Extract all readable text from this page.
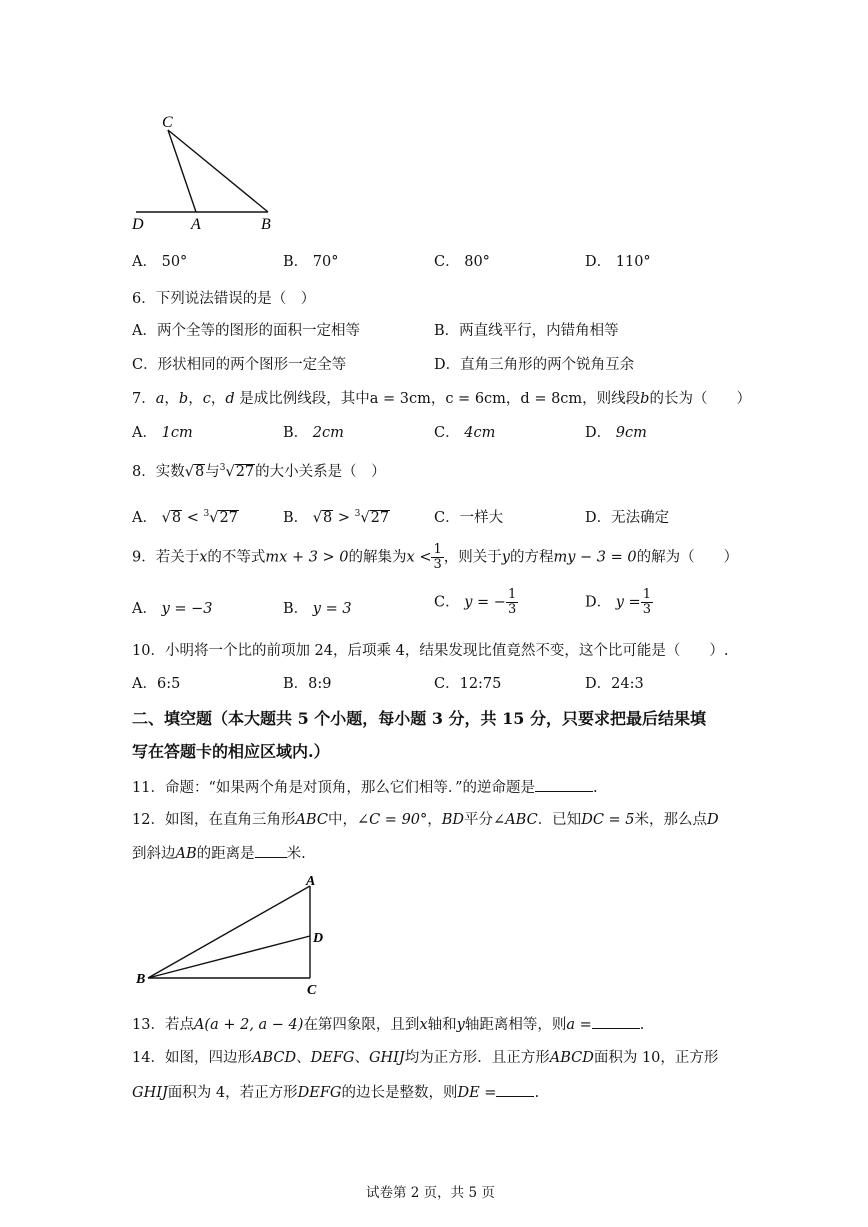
C
D	A	B
A． 50°	B． 70°	C． 80°	D． 110°
6．下列说法错误的是（　）
A．两个全等的图形的面积一定相等	B．两直线平行，内错角相等
C．形状相同的两个图形一定全等	D．直角三角形的两个锐角互余
7．a，b，c，d 是成比例线段，其中a = 3cm，c = 6cm，d = 8cm，则线段b的长为（　　）
A． 1cm	B． 2cm	C． 4cm	D． 9cm
8．实数√8与$^3$√27的大小关系是（　）
A． √8 < $^3$√27	B． √8 > $^3$√27	C．一样大	D．无法确定
9．若关于x的不等式mx + 3 > 0的解集为$x < \frac{1}{3}$ ，则关于y的方程my − 3 = 0的解为（　　）
A． y = −3	B． y = 3	C． y = − $\frac{1}{3}$	D． $y = \frac{1}{3}$
10．小明将一个比的前项加 24，后项乘 4，结果发现比值竟然不变，这个比可能是（　　）.
A．6:5	B．8:9	C．12:75	D．24:3
二、填空题（本大题共 5 个小题，每小题 3 分，共 15 分，只要求把最后结果填
写在答题卡的相应区域内.）
11．命题：“如果两个角是对顶角，那么它们相等．”的逆命题是	.
12．如图，在直角三角形ABC中，∠C = 90°，BD平分∠ABC．已知DC = 5米，那么点D
到斜边AB的距离是 米.
A
D
B
C
13．若点A(a + 2, a − 4)在第四象限，且到x轴和y轴距离相等，则a =	.
14．如图，四边形ABCD、DEFG、GHIJ均为正方形．且正方形ABCD面积为 10，正方形
GHIJ面积为 4，若正方形DEFG的边长是整数，则DE =	.
试卷第 2 页，共 5 页
